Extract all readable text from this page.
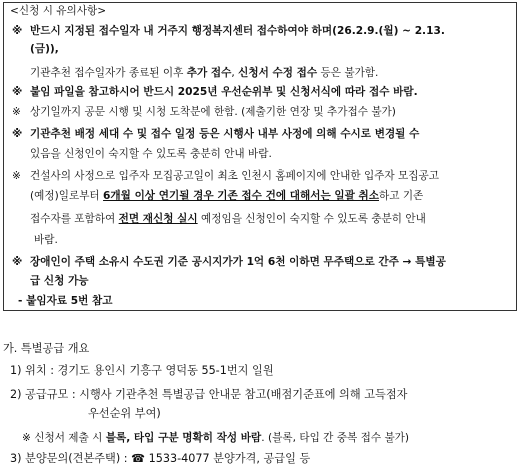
<신청 시 유의사항>
※ 반드시 지정된 접수일자 내 거주지 행정복지센터 접수하여야 하며(26.2.9.(월) ~ 2.13.
(금)),
기관추천 접수일자가 종료된 이후 추가 접수, 신청서 수정 접수 등은 불가함.
※ 붙임 파일을 참고하시어 반드시 2025년 우선순위부 및 신청서식에 따라 접수 바람.
※ 상기일까지 공문 시행 및 시청 도착분에 한함. (제출기한 연장 및 추가접수 불가)
※ 기관추천 배정 세대 수 및 접수 일정 등은 시행사 내부 사정에 의해 수시로 변경될 수
있음을 신청인이 숙지할 수 있도록 충분히 안내 바람.
※ 건설사의 사정으로 입주자 모집공고일이 최초 인천시 홈페이지에 안내한 입주자 모집공고
(예정)일로부터 6개월 이상 연기될 경우 기존 접수 건에 대해서는 일괄 취소하고 기존
접수자를 포함하여 전면 재신청 실시 예정임을 신청인이 숙지할 수 있도록 충분히 안내
바람.
※ 장애인이 주택 소유시 수도권 기준 공시지가가 1억 6천 이하면 무주택으로 간주 → 특별공
급 신청 가능
- 붙임자료 5번 참고
가. 특별공급 개요
1) 위치 : 경기도 용인시 기흥구 영덕동 55-1번지 일원
2) 공급규모 : 시행사 기관추천 특별공급 안내문 참고(배점기준표에 의해 고득점자
우선순위 부여)
※ 신청서 제출 시 블록, 타입 구분 명확히 작성 바람. (블록, 타입 간 중복 접수 불가)
3) 분양문의(견본주택) : ☎ 1533-4077 분양가격, 공급일 등
